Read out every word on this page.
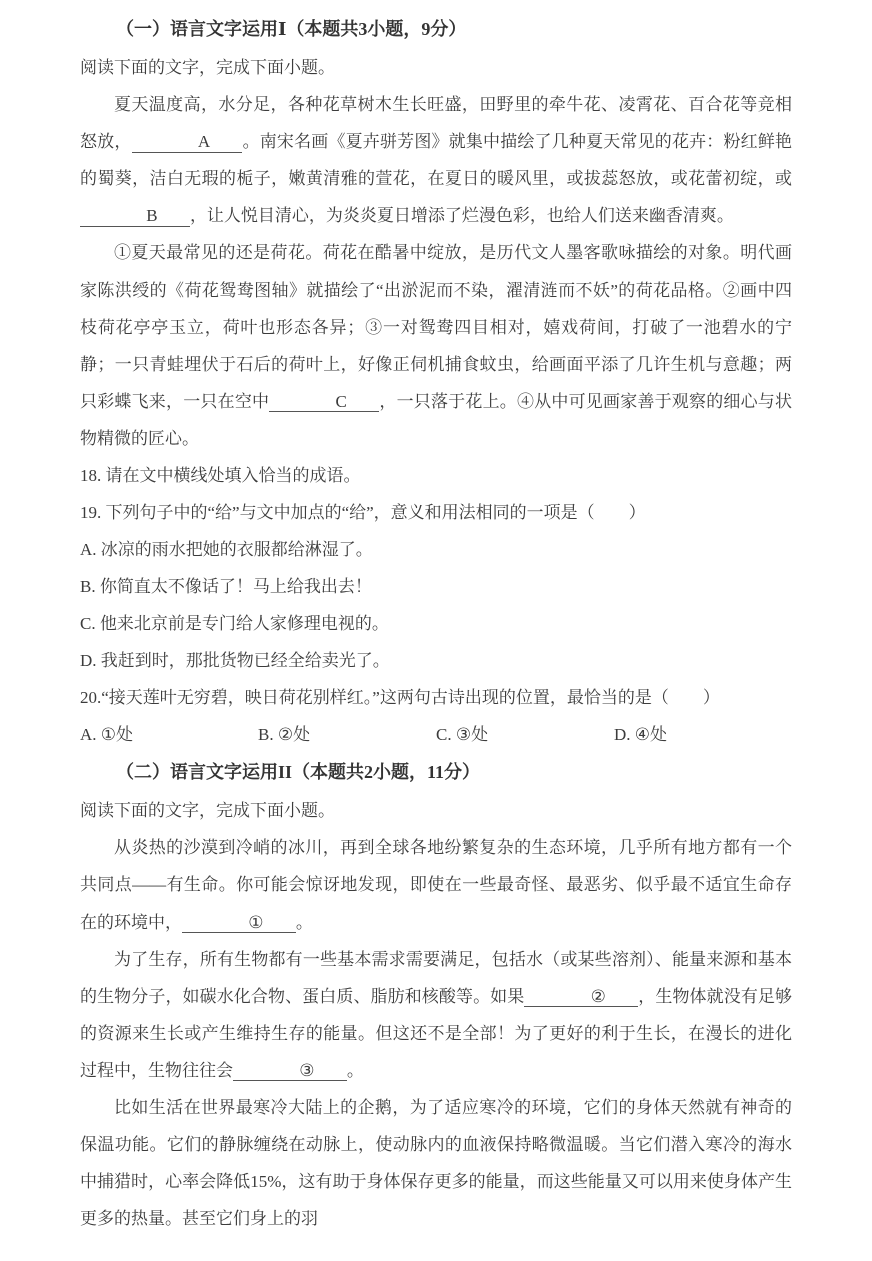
（一）语言文字运用Ⅰ（本题共3小题，9分）

阅读下面的文字，完成下面小题。

夏天温度高，水分足，各种花草树木生长旺盛，田野里的牵牛花、凌霄花、百合花等竞相怒放，	A 。南宋名画《夏卉骈芳图》就集中描绘了几种夏天常见的花卉：粉红鲜艳的蜀葵，洁白无瑕的栀子，嫩黄清雅的萱花，在夏日的暖风里，或拔蕊怒放，或花蕾初绽，或B ，让人悦目清心，为炎炎夏日增添了烂漫色彩，也给人们送来幽香清爽。

①夏天最常见的还是荷花。荷花在酷暑中绽放，是历代文人墨客歌咏描绘的对象。明代画家陈洪绶的《荷花鸳鸯图轴》就描绘了“出淤泥而不染，濯清涟而不妖”的荷花品格。②画中四枝荷花亭亭玉立，荷叶也形态各异；③一对鸳鸯四目相对，嬉戏荷间，打破了一池碧水的宁静；一只青蛙埋伏于石后的荷叶上，好像正伺机捕食蚊虫，给画面平添了几许生机与意趣；两只彩蝶飞来，一只在空中	C ，一只落于花上。④从中可见画家善于观察的细心与状物精微的匠心。

18. 请在文中横线处填入恰当的成语。

19. 下列句子中的“给”与文中加点的“给”，意义和用法相同的一项是（　　）

A. 冰凉的雨水把她的衣服都给淋湿了。

B. 你简直太不像话了！马上给我出去！

C. 他来北京前是专门给人家修理电视的。

D. 我赶到时，那批货物已经全给卖光了。

20.“接天莲叶无穷碧，映日荷花别样红。”这两句古诗出现的位置，最恰当的是（　　）

A. ①处	B. ②处	C. ③处	D. ④处
（二）语言文字运用II（本题共2小题，11分）

阅读下面的文字，完成下面小题。

从炎热的沙漠到冷峭的冰川，再到全球各地纷繁复杂的生态环境，几乎所有地方都有一个共同点——有生命。你可能会惊讶地发现，即使在一些最奇怪、最恶劣、似乎最不适宜生命存在的环境中，	① 。

为了生存，所有生物都有一些基本需求需要满足，包括水（或某些溶剂）、能量来源和基本的生物分子，如碳水化合物、蛋白质、脂肪和核酸等。如果	② ，生物体就没有足够的资源来生长或产生维持生存的能量。但这还不是全部！为了更好的利于生长，在漫长的进化过程中，生物往往会	③ 。

比如生活在世界最寒冷大陆上的企鹅，为了适应寒冷的环境，它们的身体天然就有神奇的保温功能。它们的静脉缠绕在动脉上，使动脉内的血液保持略微温暖。当它们潜入寒冷的海水中捕猎时，心率会降低15%，这有助于身体保存更多的能量，而这些能量又可以用来使身体产生更多的热量。甚至它们身上的羽
